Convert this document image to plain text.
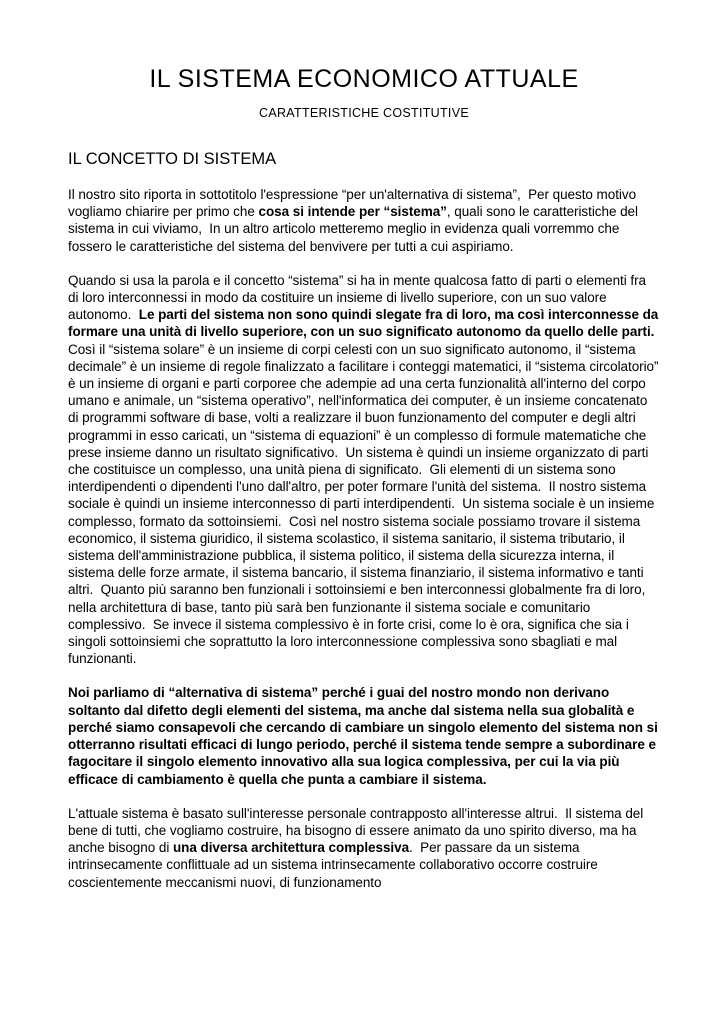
IL SISTEMA ECONOMICO ATTUALE
CARATTERISTICHE COSTITUTIVE
IL CONCETTO DI SISTEMA

Il nostro sito riporta in sottotitolo l'espressione “per un'alternativa di sistema”,  Per questo motivo vogliamo chiarire per primo che cosa si intende per “sistema”, quali sono le caratteristiche del sistema in cui viviamo,  In un altro articolo metteremo meglio in evidenza quali vorremmo che fossero le caratteristiche del sistema del benvivere per tutti a cui aspiriamo.

Quando si usa la parola e il concetto “sistema” si ha in mente qualcosa fatto di parti o elementi fra di loro interconnessi in modo da costituire un insieme di livello superiore, con un suo valore autonomo.  Le parti del sistema non sono quindi slegate fra di loro, ma così interconnesse da formare una unità di livello superiore, con un suo significato autonomo da quello delle parti.  Così il “sistema solare” è un insieme di corpi celesti con un suo significato autonomo, il “sistema decimale” è un insieme di regole finalizzato a facilitare i conteggi matematici, il “sistema circolatorio” è un insieme di organi e parti corporee che adempie ad una certa funzionalità all'interno del corpo umano e animale, un “sistema operativo”, nell'informatica dei computer, è un insieme concatenato di programmi software di base, volti a realizzare il buon funzionamento del computer e degli altri programmi in esso caricati, un “sistema di equazioni” è un complesso di formule matematiche che prese insieme danno un risultato significativo.  Un sistema è quindi un insieme organizzato di parti che costituisce un complesso, una unità piena di significato.  Gli elementi di un sistema sono interdipendenti o dipendenti l'uno dall'altro, per poter formare l'unità del sistema.  Il nostro sistema sociale è quindi un insieme interconnesso di parti interdipendenti.  Un sistema sociale è un insieme complesso, formato da sottoinsiemi.  Così nel nostro sistema sociale possiamo trovare il sistema economico, il sistema giuridico, il sistema scolastico, il sistema sanitario, il sistema tributario, il sistema dell'amministrazione pubblica, il sistema politico, il sistema della sicurezza interna, il sistema delle forze armate, il sistema bancario, il sistema finanziario, il sistema informativo e tanti altri.  Quanto più saranno ben funzionali i sottoinsiemi e ben interconnessi globalmente fra di loro, nella architettura di base, tanto più sarà ben funzionante il sistema sociale e comunitario complessivo.  Se invece il sistema complessivo è in forte crisi, come lo è ora, significa che sia i singoli sottoinsiemi che soprattutto la loro interconnessione complessiva sono sbagliati e mal funzionanti.

Noi parliamo di “alternativa di sistema” perché i guai del nostro mondo non derivano soltanto dal difetto degli elementi del sistema, ma anche dal sistema nella sua globalità e perché siamo consapevoli che cercando di cambiare un singolo elemento del sistema non si otterranno risultati efficaci di lungo periodo, perché il sistema tende sempre a subordinare e fagocitare il singolo elemento innovativo alla sua logica complessiva, per cui la via più efficace di cambiamento è quella che punta a cambiare il sistema.

L'attuale sistema è basato sull'interesse personale contrapposto all'interesse altrui.  Il sistema del bene di tutti, che vogliamo costruire, ha bisogno di essere animato da uno spirito diverso, ma ha anche bisogno di una diversa architettura complessiva.  Per passare da un sistema intrinsecamente conflittuale ad un sistema intrinsecamente collaborativo occorre costruire coscientemente meccanismi nuovi, di funzionamento
